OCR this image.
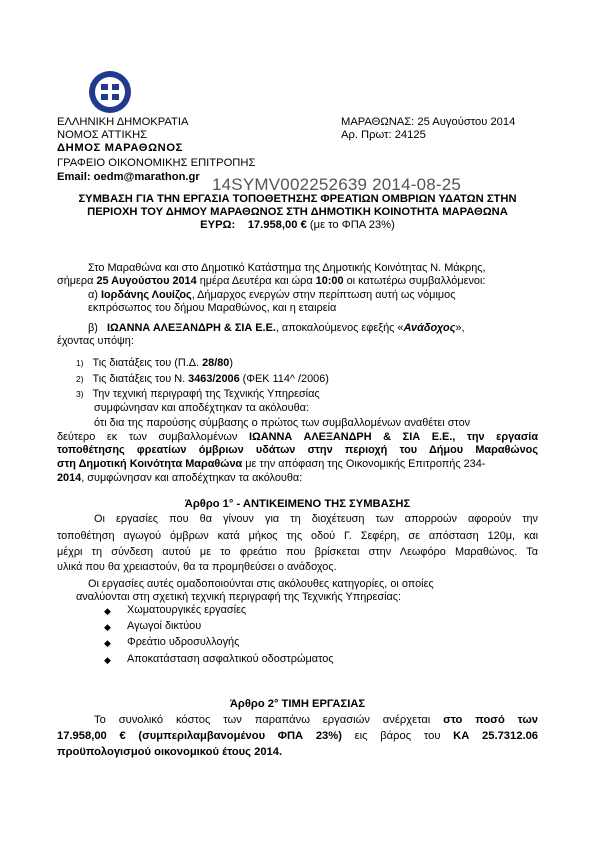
ΕΛΛΗΝΙΚΗ ΔΗΜΟΚΡΑΤΙΑ
ΝΟΜΟΣ ΑΤΤΙΚΗΣ
ΔΗΜΟΣ ΜΑΡΑΘΩΝΟΣ
ΓΡΑΦΕΙΟ ΟΙΚΟΝΟΜΙΚΗΣ ΕΠΙΤΡΟΠΗΣ
Email: oedm@marathon.gr
ΜΑΡΑΘΩΝΑΣ: 25 Αυγούστου 2014
Αρ. Πρωτ: 24125
14SYMV002252639 2014-08-25
ΣΥΜΒΑΣΗ ΓΙΑ ΤΗΝ ΕΡΓΑΣΙΑ ΤΟΠΟΘΕΤΗΣΗΣ ΦΡΕΑΤΙΩΝ ΟΜΒΡΙΩΝ ΥΔΑΤΩΝ ΣΤΗΝ
ΠΕΡΙΟΧΗ ΤΟΥ ΔΗΜΟΥ ΜΑΡΑΘΩΝΟΣ ΣΤΗ ΔΗΜΟΤΙΚΗ ΚΟΙΝΟΤΗΤΑ ΜΑΡΑΘΩΝΑ
ΕΥΡΩ: 17.958,00 € (με το ΦΠΑ 23%)
Στο Μαραθώνα και στο Δημοτικό Κατάστημα της Δημοτικής Κοινότητας Ν. Μάκρης,
σήμερα 25 Αυγούστου 2014 ημέρα Δευτέρα και ώρα 10:00 οι κατωτέρω συμβαλλόμενοι:
α) Ιορδάνης Λουίζος, Δήμαρχος ενεργών στην περίπτωση αυτή ως νόμιμος
εκπρόσωπος του δήμου Μαραθώνος, και η εταιρεία
β) ΙΩΑΝΝΑ ΑΛΕΞΑΝΔΡΗ & ΣΙΑ Ε.Ε., αποκαλούμενος εφεξής «Ανάδοχος»,
έχοντας υπόψη:
1) Τις διατάξεις του (Π.Δ. 28/80)
2) Τις διατάξεις του Ν. 3463/2006 (ΦΕΚ 114^ /2006)
3) Την τεχνική περιγραφή της Τεχνικής Υπηρεσίας
συμφώνησαν και αποδέχτηκαν τα ακόλουθα:
ότι δια της παρούσης σύμβασης ο πρώτος των συμβαλλομένων αναθέτει στον
δεύτερο εκ των συμβαλλομένων ΙΩΑΝΝΑ ΑΛΕΞΑΝΔΡΗ & ΣΙΑ Ε.Ε., την εργασία
τοποθέτησης φρεατίων όμβριων υδάτων στην περιοχή του Δήμου Μαραθώνος
στη Δημοτική Κοινότητα Μαραθώνα με την απόφαση της Οικονομικής Επιτροπής 234-
2014, συμφώνησαν και αποδέχτηκαν τα ακόλουθα:
Άρθρο 1° - ΑΝΤΙΚΕΙΜΕΝΟ ΤΗΣ ΣΥΜΒΑΣΗΣ
Οι εργασίες που θα γίνουν για τη διοχέτευση των απορροών αφορούν την
τοποθέτηση αγωγού όμβρων κατά μήκος της οδού Γ. Σεφέρη, σε απόσταση 120μ, και
μέχρι τη σύνδεση αυτού με το φρεάτιο που βρίσκεται στην Λεωφόρο Μαραθώνος. Τα
υλικά που θα χρειαστούν, θα τα προμηθεύσει ο ανάδοχος.
Οι εργασίες αυτές ομαδοποιούνται στις ακόλουθες κατηγορίες, οι οποίες
αναλύονται στη σχετική τεχνική περιγραφή της Τεχνικής Υπηρεσίας:
◆ Χωματουργικές εργασίες
◆ Αγωγοί δικτύου
◆ Φρεάτιο υδροσυλλογής
◆ Αποκατάσταση ασφαλτικού οδοστρώματος
Άρθρο 2° ΤΙΜΗ ΕΡΓΑΣΙΑΣ
Το συνολικό κόστος των παραπάνω εργασιών ανέρχεται στο ποσό των
17.958,00 € (συμπεριλαμβανομένου ΦΠΑ 23%) εις βάρος του ΚΑ 25.7312.06
προϋπολογισμού οικονομικού έτους 2014.
